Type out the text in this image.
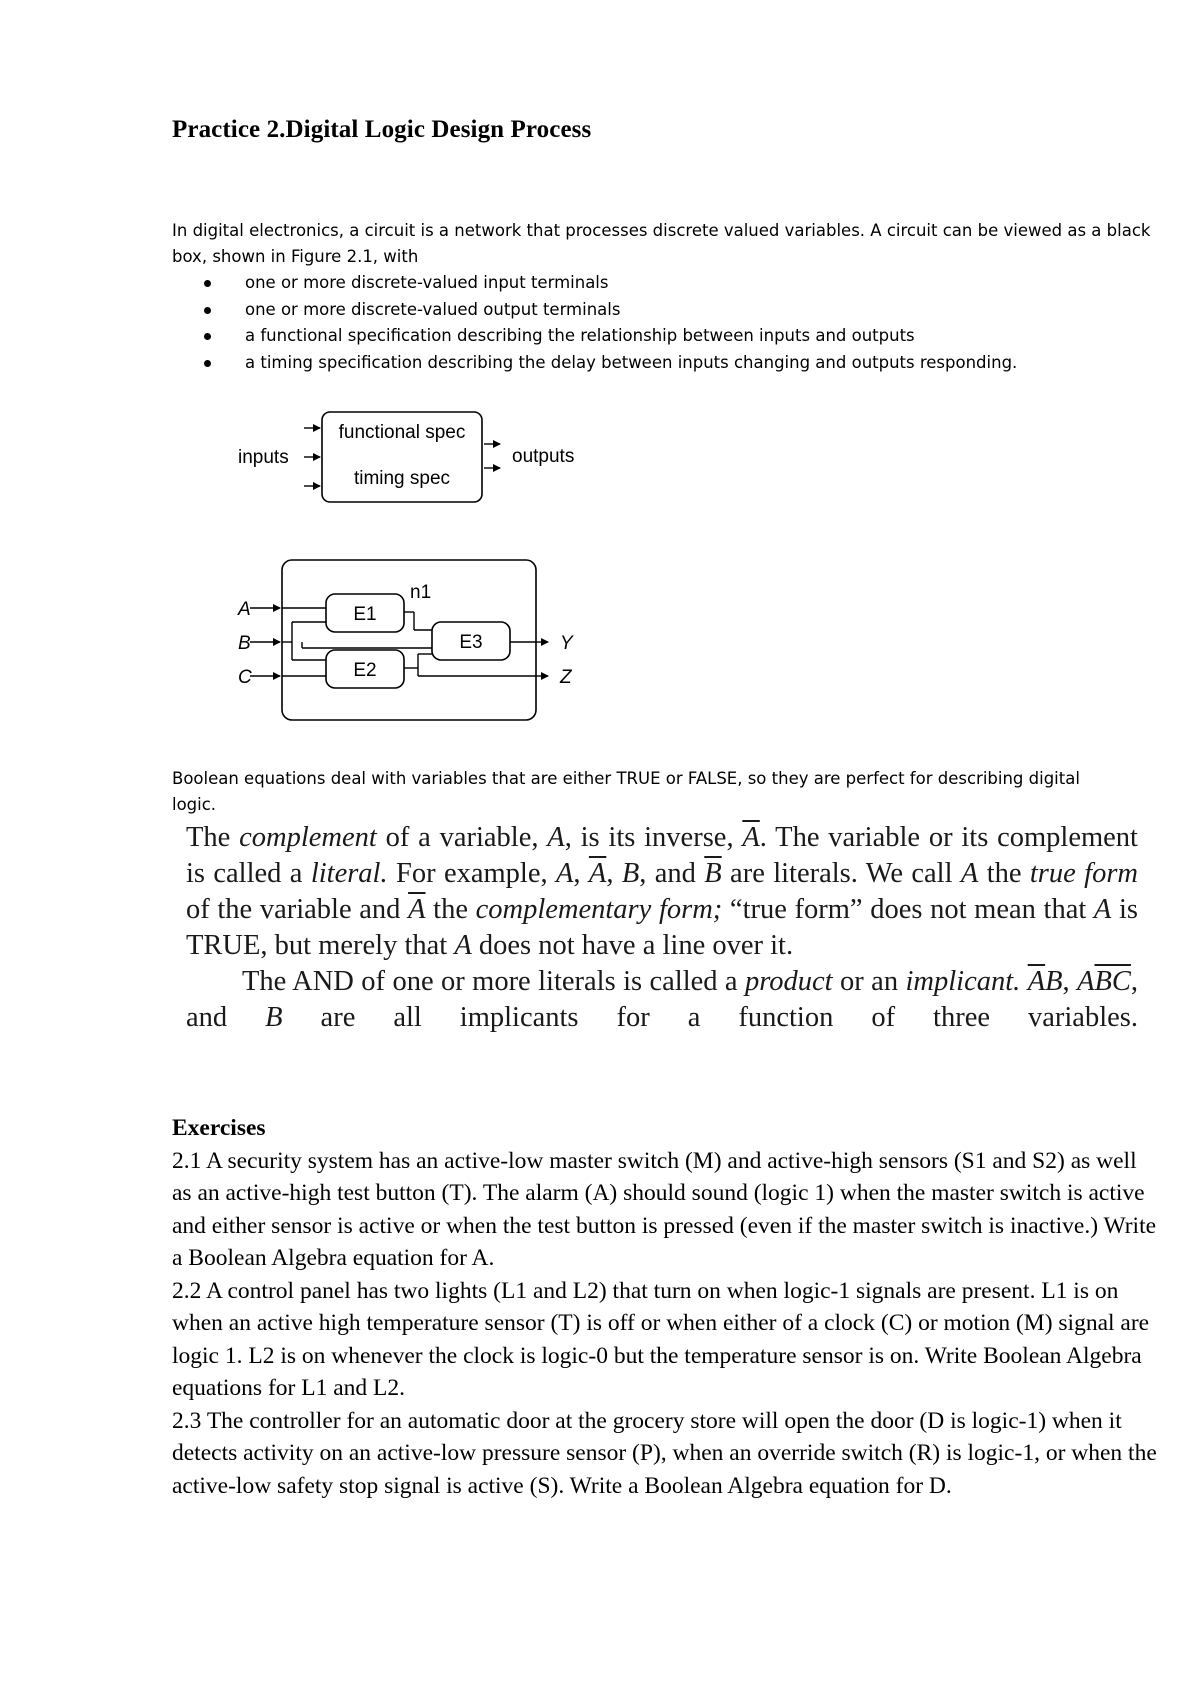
Practice 2.Digital Logic Design Process

In digital electronics, a circuit is a network that processes discrete valued variables. A circuit can be viewed as a black box, shown in Figure 2.1, with

one or more discrete-valued input terminals
one or more discrete-valued output terminals
a functional specification describing the relationship between inputs and outputs
a timing specification describing the delay between inputs changing and outputs responding.
inputs	outputs
functional spec
timing spec
E1
E2
E3
n1
A
B
C
Y
Z

Boolean equations deal with variables that are either TRUE or FALSE, so they are perfect for describing digital logic.

The complement of a variable, A, is its inverse, $\overline{A}$. The variable or its complement is called a literal. For example, A, $\overline{A}$, B, and $\overline{B}$ are literals. We call A the true form of the variable and $\overline{A}$ the complementary form; “true form” does not mean that A is TRUE, but merely that A does not have a line over it.

The AND of one or more literals is called a product or an implicant. $\overline{A}B$, $A\overline{BC}$, and B are all implicants for a function of three variables.

Exercises

2.1 A security system has an active-low master switch (M) and active-high sensors (S1 and S2) as well as an active-high test button (T). The alarm (A) should sound (logic 1) when the master switch is active and either sensor is active or when the test button is pressed (even if the master switch is inactive.) Write a Boolean Algebra equation for A.

2.2 A control panel has two lights (L1 and L2) that turn on when logic-1 signals are present. L1 is on when an active high temperature sensor (T) is off or when either of a clock (C) or motion (M) signal are logic 1. L2 is on whenever the clock is logic-0 but the temperature sensor is on. Write Boolean Algebra equations for L1 and L2.

2.3 The controller for an automatic door at the grocery store will open the door (D is logic-1) when it detects activity on an active-low pressure sensor (P), when an override switch (R) is logic-1, or when the active-low safety stop signal is active (S). Write a Boolean Algebra equation for D.
